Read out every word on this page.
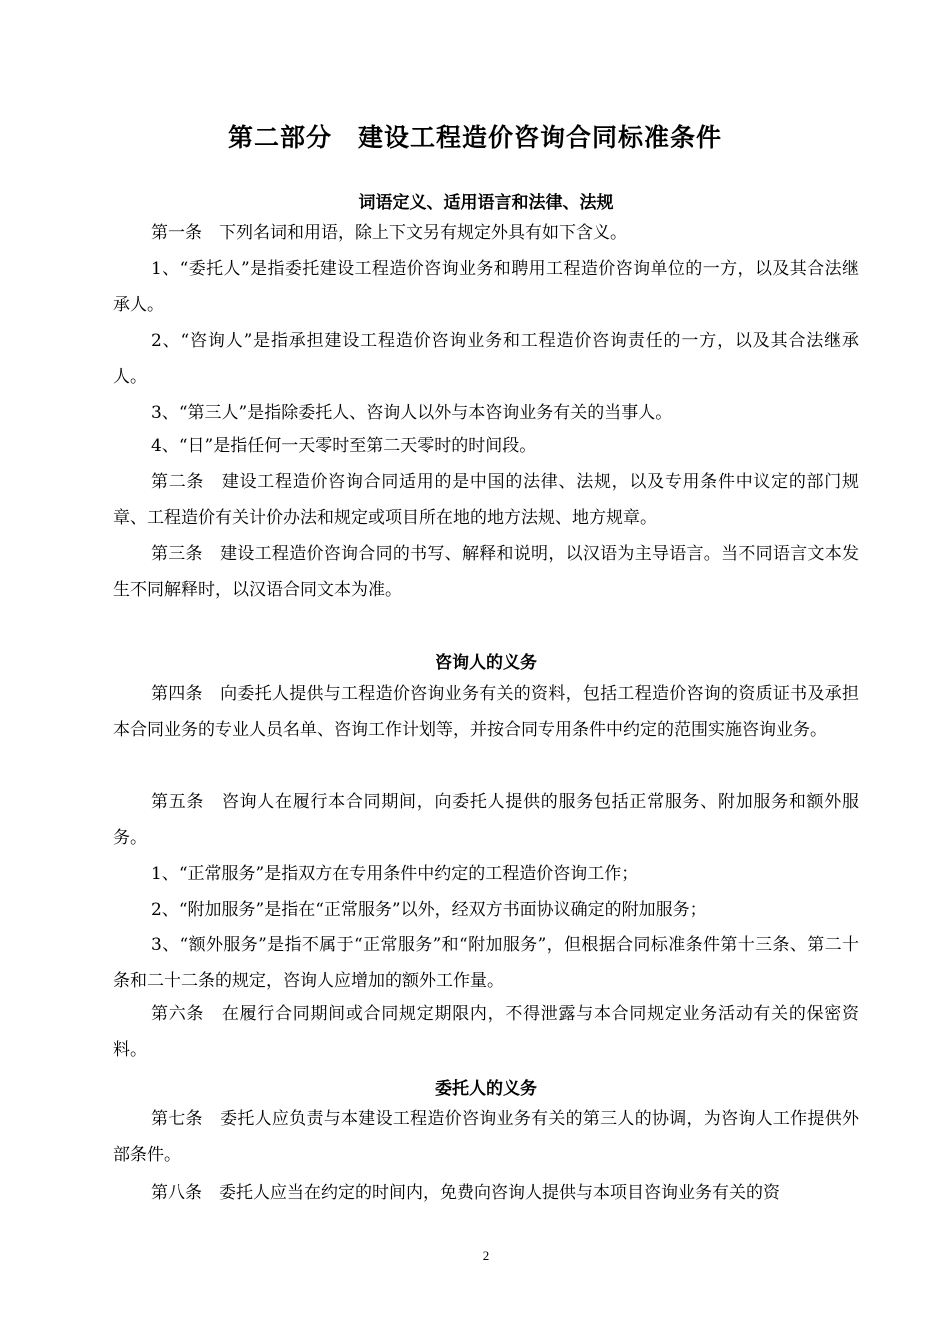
第二部分　建设工程造价咨询合同标准条件
词语定义、适用语言和法律、法规
第一条　下列名词和用语，除上下文另有规定外具有如下含义。
1、“委托人”是指委托建设工程造价咨询业务和聘用工程造价咨询单位的一方，以及其合法继承人。
2、“咨询人”是指承担建设工程造价咨询业务和工程造价咨询责任的一方，以及其合法继承人。
3、“第三人”是指除委托人、咨询人以外与本咨询业务有关的当事人。
4、“日”是指任何一天零时至第二天零时的时间段。
第二条　建设工程造价咨询合同适用的是中国的法律、法规，以及专用条件中议定的部门规章、工程造价有关计价办法和规定或项目所在地的地方法规、地方规章。
第三条　建设工程造价咨询合同的书写、解释和说明，以汉语为主导语言。当不同语言文本发生不同解释时，以汉语合同文本为准。
咨询人的义务
第四条　向委托人提供与工程造价咨询业务有关的资料，包括工程造价咨询的资质证书及承担本合同业务的专业人员名单、咨询工作计划等，并按合同专用条件中约定的范围实施咨询业务。
第五条　咨询人在履行本合同期间，向委托人提供的服务包括正常服务、附加服务和额外服务。
1、“正常服务”是指双方在专用条件中约定的工程造价咨询工作；
2、“附加服务”是指在“正常服务”以外，经双方书面协议确定的附加服务；
3、“额外服务”是指不属于“正常服务”和“附加服务”，但根据合同标准条件第十三条、第二十条和二十二条的规定，咨询人应增加的额外工作量。
第六条　在履行合同期间或合同规定期限内，不得泄露与本合同规定业务活动有关的保密资料。
委托人的义务
第七条　委托人应负责与本建设工程造价咨询业务有关的第三人的协调，为咨询人工作提供外部条件。
第八条　委托人应当在约定的时间内，免费向咨询人提供与本项目咨询业务有关的资
2
